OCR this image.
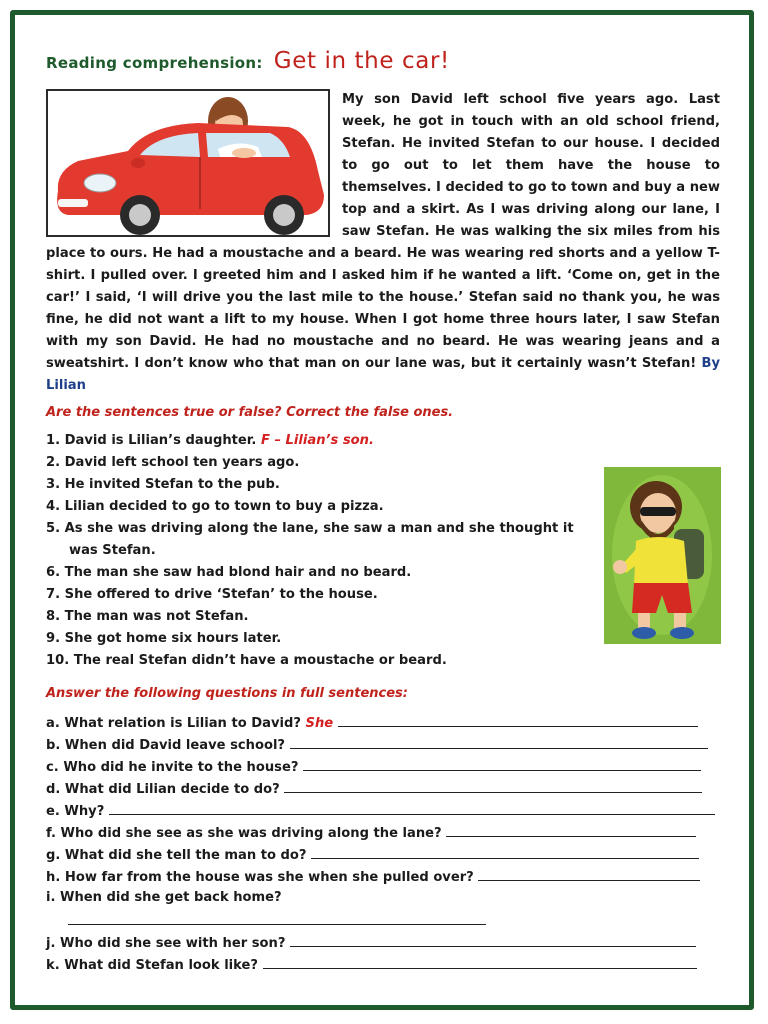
Reading comprehension: Get in the car!
My son David left school five years ago. Last week, he got in touch with an old school friend, Stefan. He invited Stefan to our house. I decided to go out to let them have the house to themselves. I decided to go to town and buy a new top and a skirt. As I was driving along our lane, I saw Stefan. He was walking the six miles from his place to ours. He had a moustache and a beard. He was wearing red shorts and a yellow T-shirt. I pulled over. I greeted him and I asked him if he wanted a lift. ‘Come on, get in the car!’ I said, ‘I will drive you the last mile to the house.’ Stefan said no thank you, he was fine, he did not want a lift to my house. When I got home three hours later, I saw Stefan with my son David. He had no moustache and no beard. He was wearing jeans and a sweatshirt. I don’t know who that man on our lane was, but it certainly wasn’t Stefan! By Lilian
Are the sentences true or false? Correct the false ones.
1. David is Lilian’s daughter. F – Lilian’s son.
2. David left school ten years ago.
3. He invited Stefan to the pub.
4. Lilian decided to go to town to buy a pizza.
5. As she was driving along the lane, she saw a man and she thought it
was Stefan.
6. The man she saw had blond hair and no beard.
7. She offered to drive ‘Stefan’ to the house.
8. The man was not Stefan.
9. She got home six hours later.
10. The real Stefan didn’t have a moustache or beard.
Answer the following questions in full sentences:
a. What relation is Lilian to David? She
b. When did David leave school?
c. Who did he invite to the house?
d. What did Lilian decide to do?
e. Why?
f. Who did she see as she was driving along the lane?
g. What did she tell the man to do?
h. How far from the house was she when she pulled over?
i. When did she get back home?
j. Who did she see with her son?
k. What did Stefan look like?
